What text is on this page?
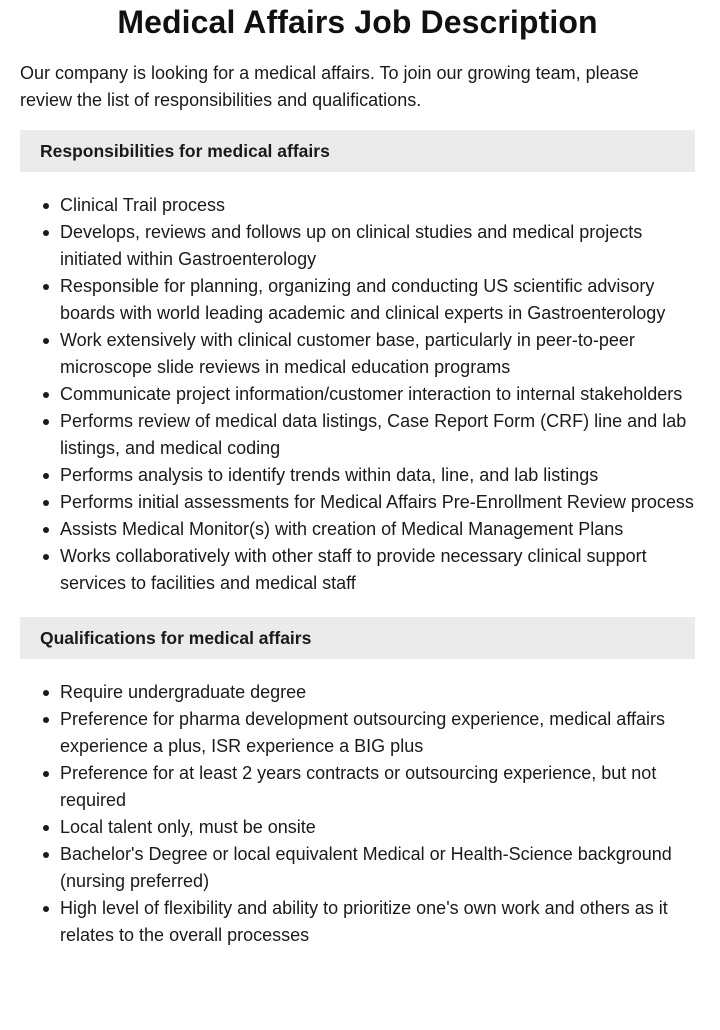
Medical Affairs Job Description

Our company is looking for a medical affairs. To join our growing team, please review the list of responsibilities and qualifications.

Responsibilities for medical affairs
Clinical Trail process
Develops, reviews and follows up on clinical studies and medical projects initiated within Gastroenterology
Responsible for planning, organizing and conducting US scientific advisory boards with world leading academic and clinical experts in Gastroenterology
Work extensively with clinical customer base, particularly in peer-to-peer microscope slide reviews in medical education programs
Communicate project information/customer interaction to internal stakeholders
Performs review of medical data listings, Case Report Form (CRF) line and lab listings, and medical coding
Performs analysis to identify trends within data, line, and lab listings
Performs initial assessments for Medical Affairs Pre-Enrollment Review process
Assists Medical Monitor(s) with creation of Medical Management Plans
Works collaboratively with other staff to provide necessary clinical support services to facilities and medical staff
Qualifications for medical affairs
Require undergraduate degree
Preference for pharma development outsourcing experience, medical affairs experience a plus, ISR experience a BIG plus
Preference for at least 2 years contracts or outsourcing experience, but not required
Local talent only, must be onsite
Bachelor's Degree or local equivalent Medical or Health-Science background (nursing preferred)
High level of flexibility and ability to prioritize one's own work and others as it relates to the overall processes
